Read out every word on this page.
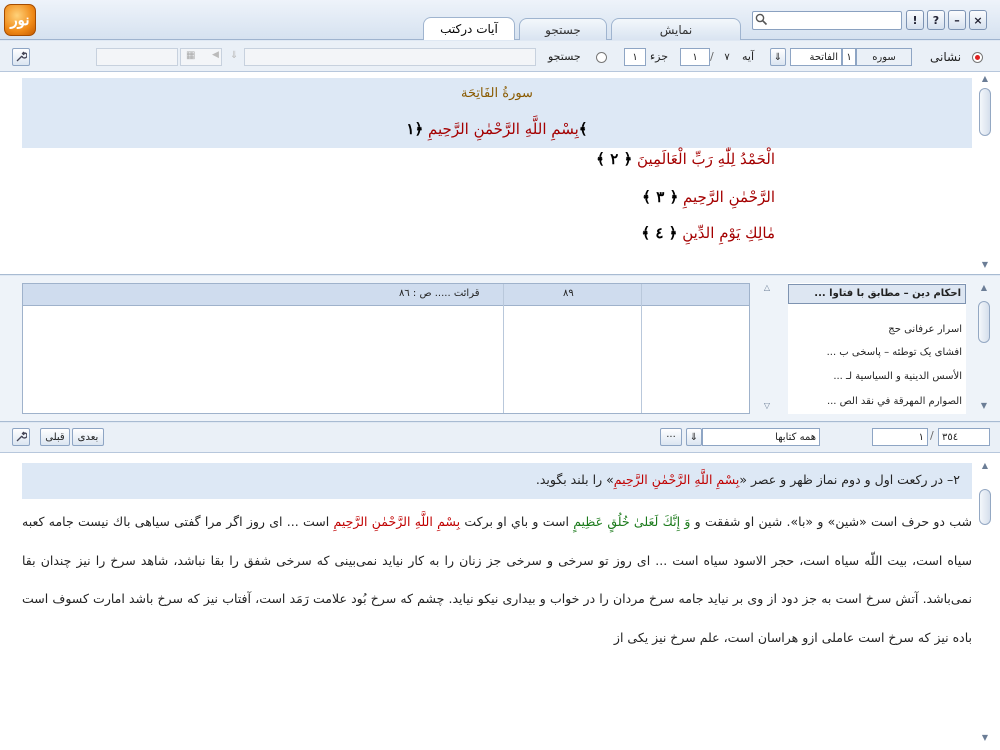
نور	آیات درکتب	جستجو	نمایش
!	?	–	×
▦ ◀ ⇓	جستجو	۱	جزء	۱	/	۷	آیه ⇓	الفاتحة ۱	سوره	نشانی
سورةُ الفَاتِحَة
بِسْمِ اللَّهِ الرَّحْمٰنِ الرَّحِيمِ ﴿۱﴾
الْحَمْدُ لِلّٰهِ رَبِّ الْعَالَمِينَ ﴿ ۲ ﴾
الرَّحْمٰنِ الرَّحِيمِ ﴿ ۳ ﴾
مٰالِكِ يَوْمِ الدِّينِ ﴿ ٤ ﴾
▲
▼
قرائت ..... ص : ٨٦	٨٩
△
▽
احکام دین – مطابق با فتاوا ...
اسرار عرفانی حج
افشای یک توطئه – پاسخی ب ...
الأسس الدينية و السياسية لـ ...
الصوارم المهرقة في نقد الص ...
▲
▼
قبلی	بعدی	···	⇓	همه کتابها	١ / ٣٥٤
۲– در رکعت اول و دوم نماز ظهر و عصر «بِسْمِ اللَّهِ الرَّحْمٰنِ الرَّحِيمِ» را بلند بگوید.
شب دو حرف است «شين» و «با». شين او شفقت و وَ إِنَّكَ لَعَلىٰ خُلُقٍ عَظِيمٍ است و باي او بركت بِسْمِ اللَّهِ الرَّحْمٰنِ الرَّحِيمِ است ... اى روز اگر مرا گفتى سياهى باك نيست جامه كعبه سياه است، بيت اللّه سياه است، حجر الاسود سياه است ... اى روز تو سرخى و سرخى جز زنان را به كار نيايد نمى‌بينى كه سرخى شفق را بقا نباشد، شاهد سرخ را نيز چندان بقا نمى‌باشد. آتش سرخ است به جز دود از وى بر نيايد جامه سرخ مردان را در خواب و بيدارى نيكو نيايد. چشم كه سرخ بُود علامت رَمَد است، آفتاب نيز كه سرخ باشد امارت كسوف است باده نيز كه سرخ است عاملى ازو هراسان است، علم سرخ نيز يكى از
▲
▼
